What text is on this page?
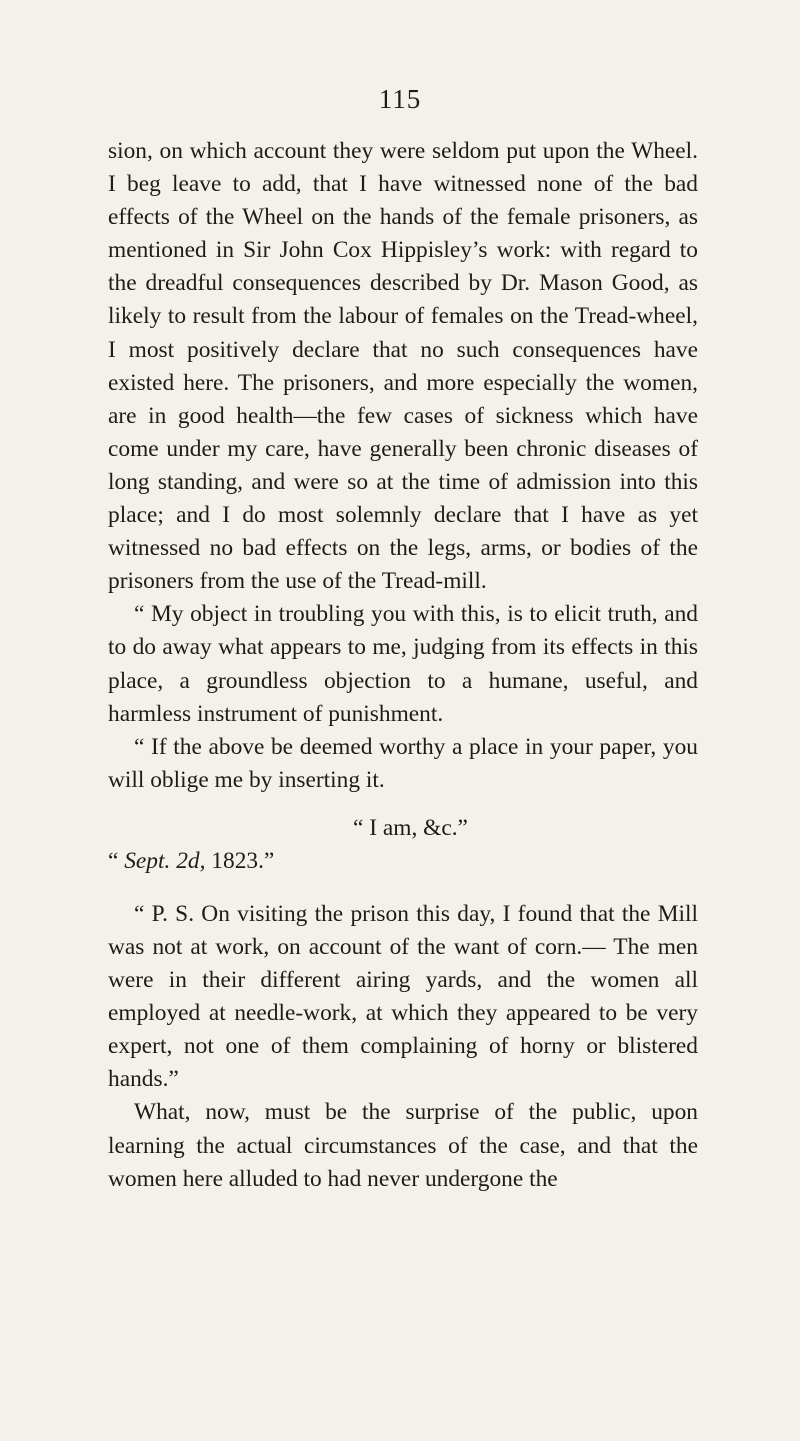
115

sion, on which account they were seldom put upon the Wheel. I beg leave to add, that I have witnessed none of the bad effects of the Wheel on the hands of the female prisoners, as mentioned in Sir John Cox Hippisley’s work: with regard to the dreadful consequences described by Dr. Mason Good, as likely to result from the labour of females on the Tread-wheel, I most positively declare that no such consequences have existed here. The prisoners, and more especially the women, are in good health—the few cases of sickness which have come under my care, have generally been chronic diseases of long standing, and were so at the time of admission into this place; and I do most solemnly declare that I have as yet witnessed no bad effects on the legs, arms, or bodies of the prisoners from the use of the Tread-mill.

“ My object in troubling you with this, is to elicit truth, and to do away what appears to me, judging from its effects in this place, a groundless objection to a humane, useful, and harmless instrument of punishment.

“ If the above be deemed worthy a place in your paper, you will oblige me by inserting it.

“ I am, &c.”
“ Sept. 2d, 1823.”

“ P. S. On visiting the prison this day, I found that the Mill was not at work, on account of the want of corn.— The men were in their different airing yards, and the women all employed at needle-work, at which they appeared to be very expert, not one of them complaining of horny or blistered hands.”

What, now, must be the surprise of the public, upon learning the actual circumstances of the case, and that the women here alluded to had never undergone the
